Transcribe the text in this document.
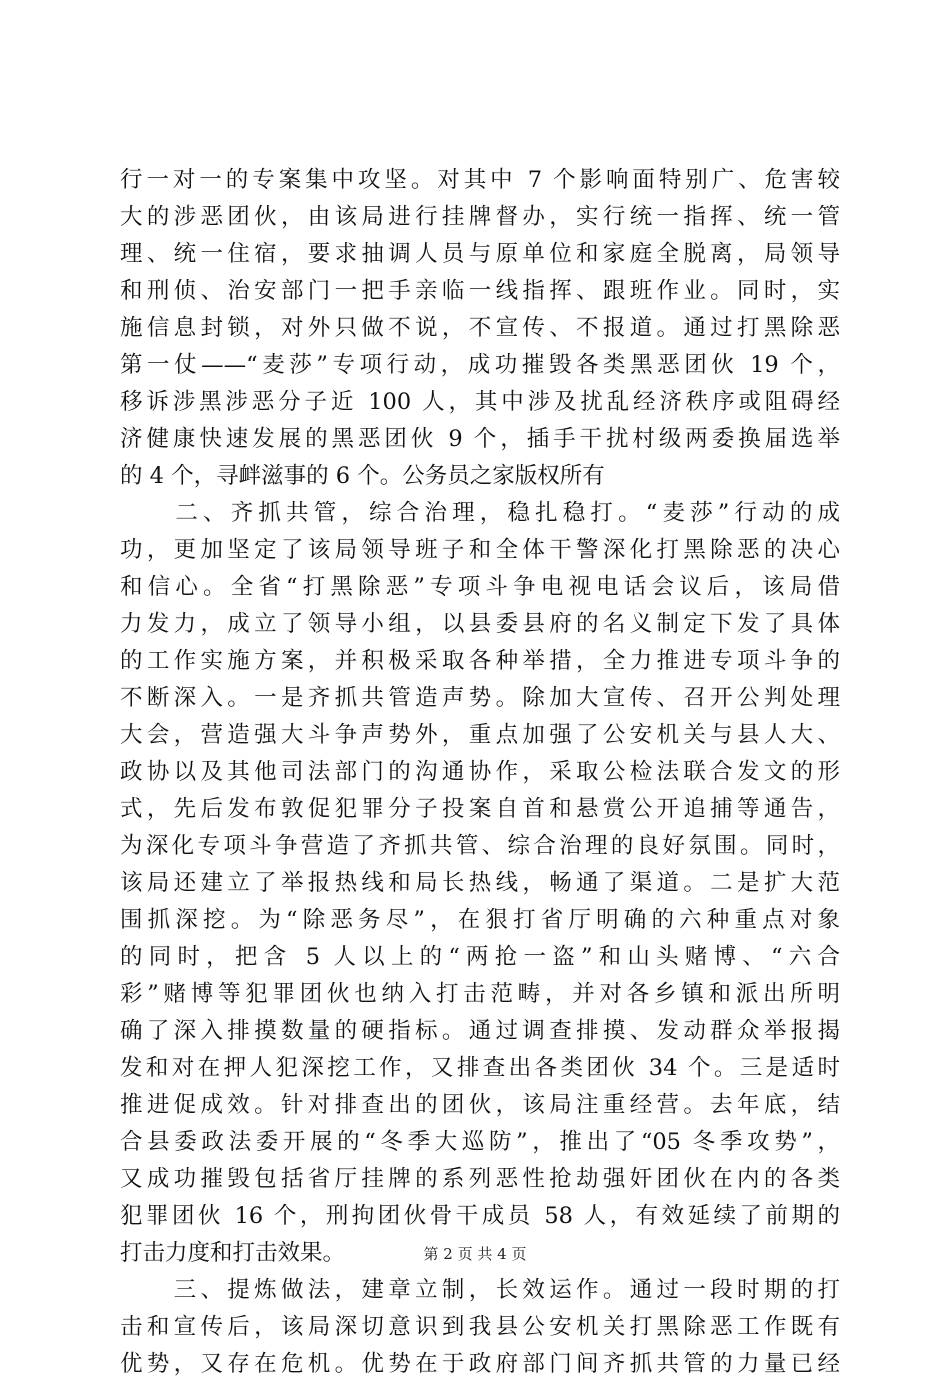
行一对一的专案集中攻坚。对其中 7 个影响面特别广、危害较
大的涉恶团伙，由该局进行挂牌督办，实行统一指挥、统一管
理、统一住宿，要求抽调人员与原单位和家庭全脱离，局领导
和刑侦、治安部门一把手亲临一线指挥、跟班作业。同时，实
施信息封锁，对外只做不说，不宣传、不报道。通过打黑除恶
第一仗——“麦莎”专项行动，成功摧毁各类黑恶团伙 19 个，
移诉涉黑涉恶分子近 100 人，其中涉及扰乱经济秩序或阻碍经
济健康快速发展的黑恶团伙 9 个，插手干扰村级两委换届选举
的 4 个，寻衅滋事的 6 个。公务员之家版权所有
　　二、齐抓共管，综合治理，稳扎稳打。“麦莎”行动的成
功，更加坚定了该局领导班子和全体干警深化打黑除恶的决心
和信心。全省“打黑除恶”专项斗争电视电话会议后，该局借
力发力，成立了领导小组，以县委县府的名义制定下发了具体
的工作实施方案，并积极采取各种举措，全力推进专项斗争的
不断深入。一是齐抓共管造声势。除加大宣传、召开公判处理
大会，营造强大斗争声势外，重点加强了公安机关与县人大、
政协以及其他司法部门的沟通协作，采取公检法联合发文的形
式，先后发布敦促犯罪分子投案自首和悬赏公开追捕等通告，
为深化专项斗争营造了齐抓共管、综合治理的良好氛围。同时，
该局还建立了举报热线和局长热线，畅通了渠道。二是扩大范
围抓深挖。为“除恶务尽”，在狠打省厅明确的六种重点对象
的同时，把含 5 人以上的“两抢一盗”和山头赌博、“六合
彩”赌博等犯罪团伙也纳入打击范畴，并对各乡镇和派出所明
确了深入排摸数量的硬指标。通过调查排摸、发动群众举报揭
发和对在押人犯深挖工作，又排查出各类团伙 34 个。三是适时
推进促成效。针对排查出的团伙，该局注重经营。去年底，结
合县委政法委开展的“冬季大巡防”，推出了“05 冬季攻势”，
又成功摧毁包括省厅挂牌的系列恶性抢劫强奸团伙在内的各类
犯罪团伙 16 个，刑拘团伙骨干成员 58 人，有效延续了前期的
打击力度和打击效果。
　　三、提炼做法，建章立制，长效运作。通过一段时期的打
击和宣传后，该局深切意识到我县公安机关打黑除恶工作既有
优势，又存在危机。优势在于政府部门间齐抓共管的力量已经
第 2 页 共 4 页
